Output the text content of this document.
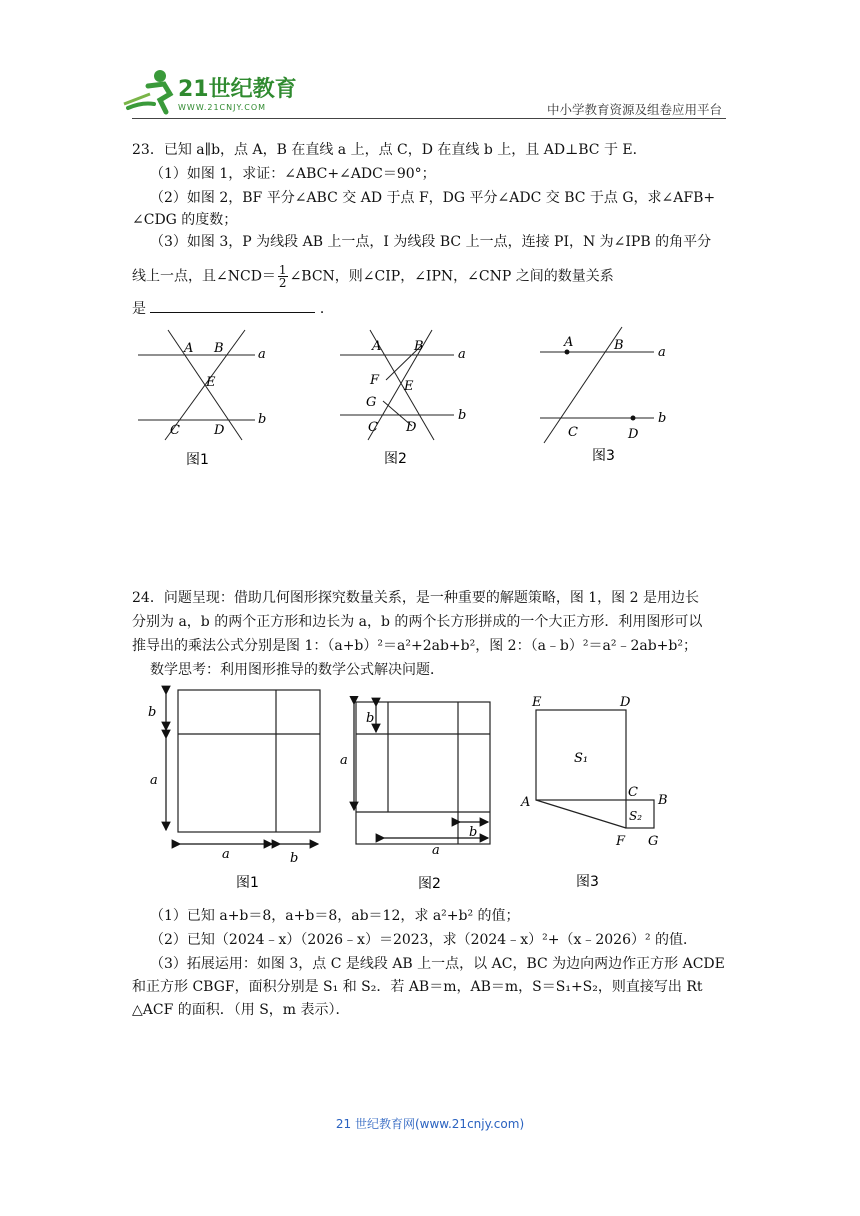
21世纪教育
WWW.21CNJY.COM	中小学教育资源及组卷应用平台
23．已知 a∥b，点 A，B 在直线 a 上，点 C，D 在直线 b 上，且 AD⊥BC 于 E．
（1）如图 1，求证：∠ABC+∠ADC＝90°；
（2）如图 2，BF 平分∠ABC 交 AD 于点 F，DG 平分∠ADC 交 BC 于点 G，求∠AFB+
∠CDG 的度数；
（3）如图 3，P 为线段 AB 上一点，I 为线段 BC 上一点，连接 PI，N 为∠IPB 的角平分
线上一点，且∠NCD＝ $\frac{1}{2}$ ∠BCN，则∠CIP，∠IPN，∠CNP 之间的数量关系
是	．
A B
E
C	D
a
b
图1
A	B
F E
G
C D
a
b
图2
A	B
C	D
a
b
图3
24．问题呈现：借助几何图形探究数量关系，是一种重要的解题策略，图 1，图 2 是用边长
分别为 a，b 的两个正方形和边长为 a，b 的两个长方形拼成的一个大正方形．利用图形可以
推导出的乘法公式分别是图 1：（a+b）²＝a²+2ab+b²，图 2：（a﹣b）²＝a²﹣2ab+b²；
数学思考：利用图形推导的数学公式解决问题．
b
a
a	b
图1
b
a
b
a
图2
E	D
S₁
A
C
B
S₂
F G
图3
（1）已知 a+b＝8，a+b＝8，ab＝12，求 a²+b² 的值；
（2）已知（2024﹣x）（2026﹣x）＝2023，求（2024﹣x）²+（x﹣2026）² 的值．
（3）拓展运用：如图 3，点 C 是线段 AB 上一点，以 AC，BC 为边向两边作正方形 ACDE
和正方形 CBGF，面积分别是 S₁ 和 S₂．若 AB＝m，AB＝m，S＝S₁+S₂，则直接写出 Rt
△ACF 的面积．（用 S，m 表示）．
21 世纪教育网(www.21cnjy.com)
